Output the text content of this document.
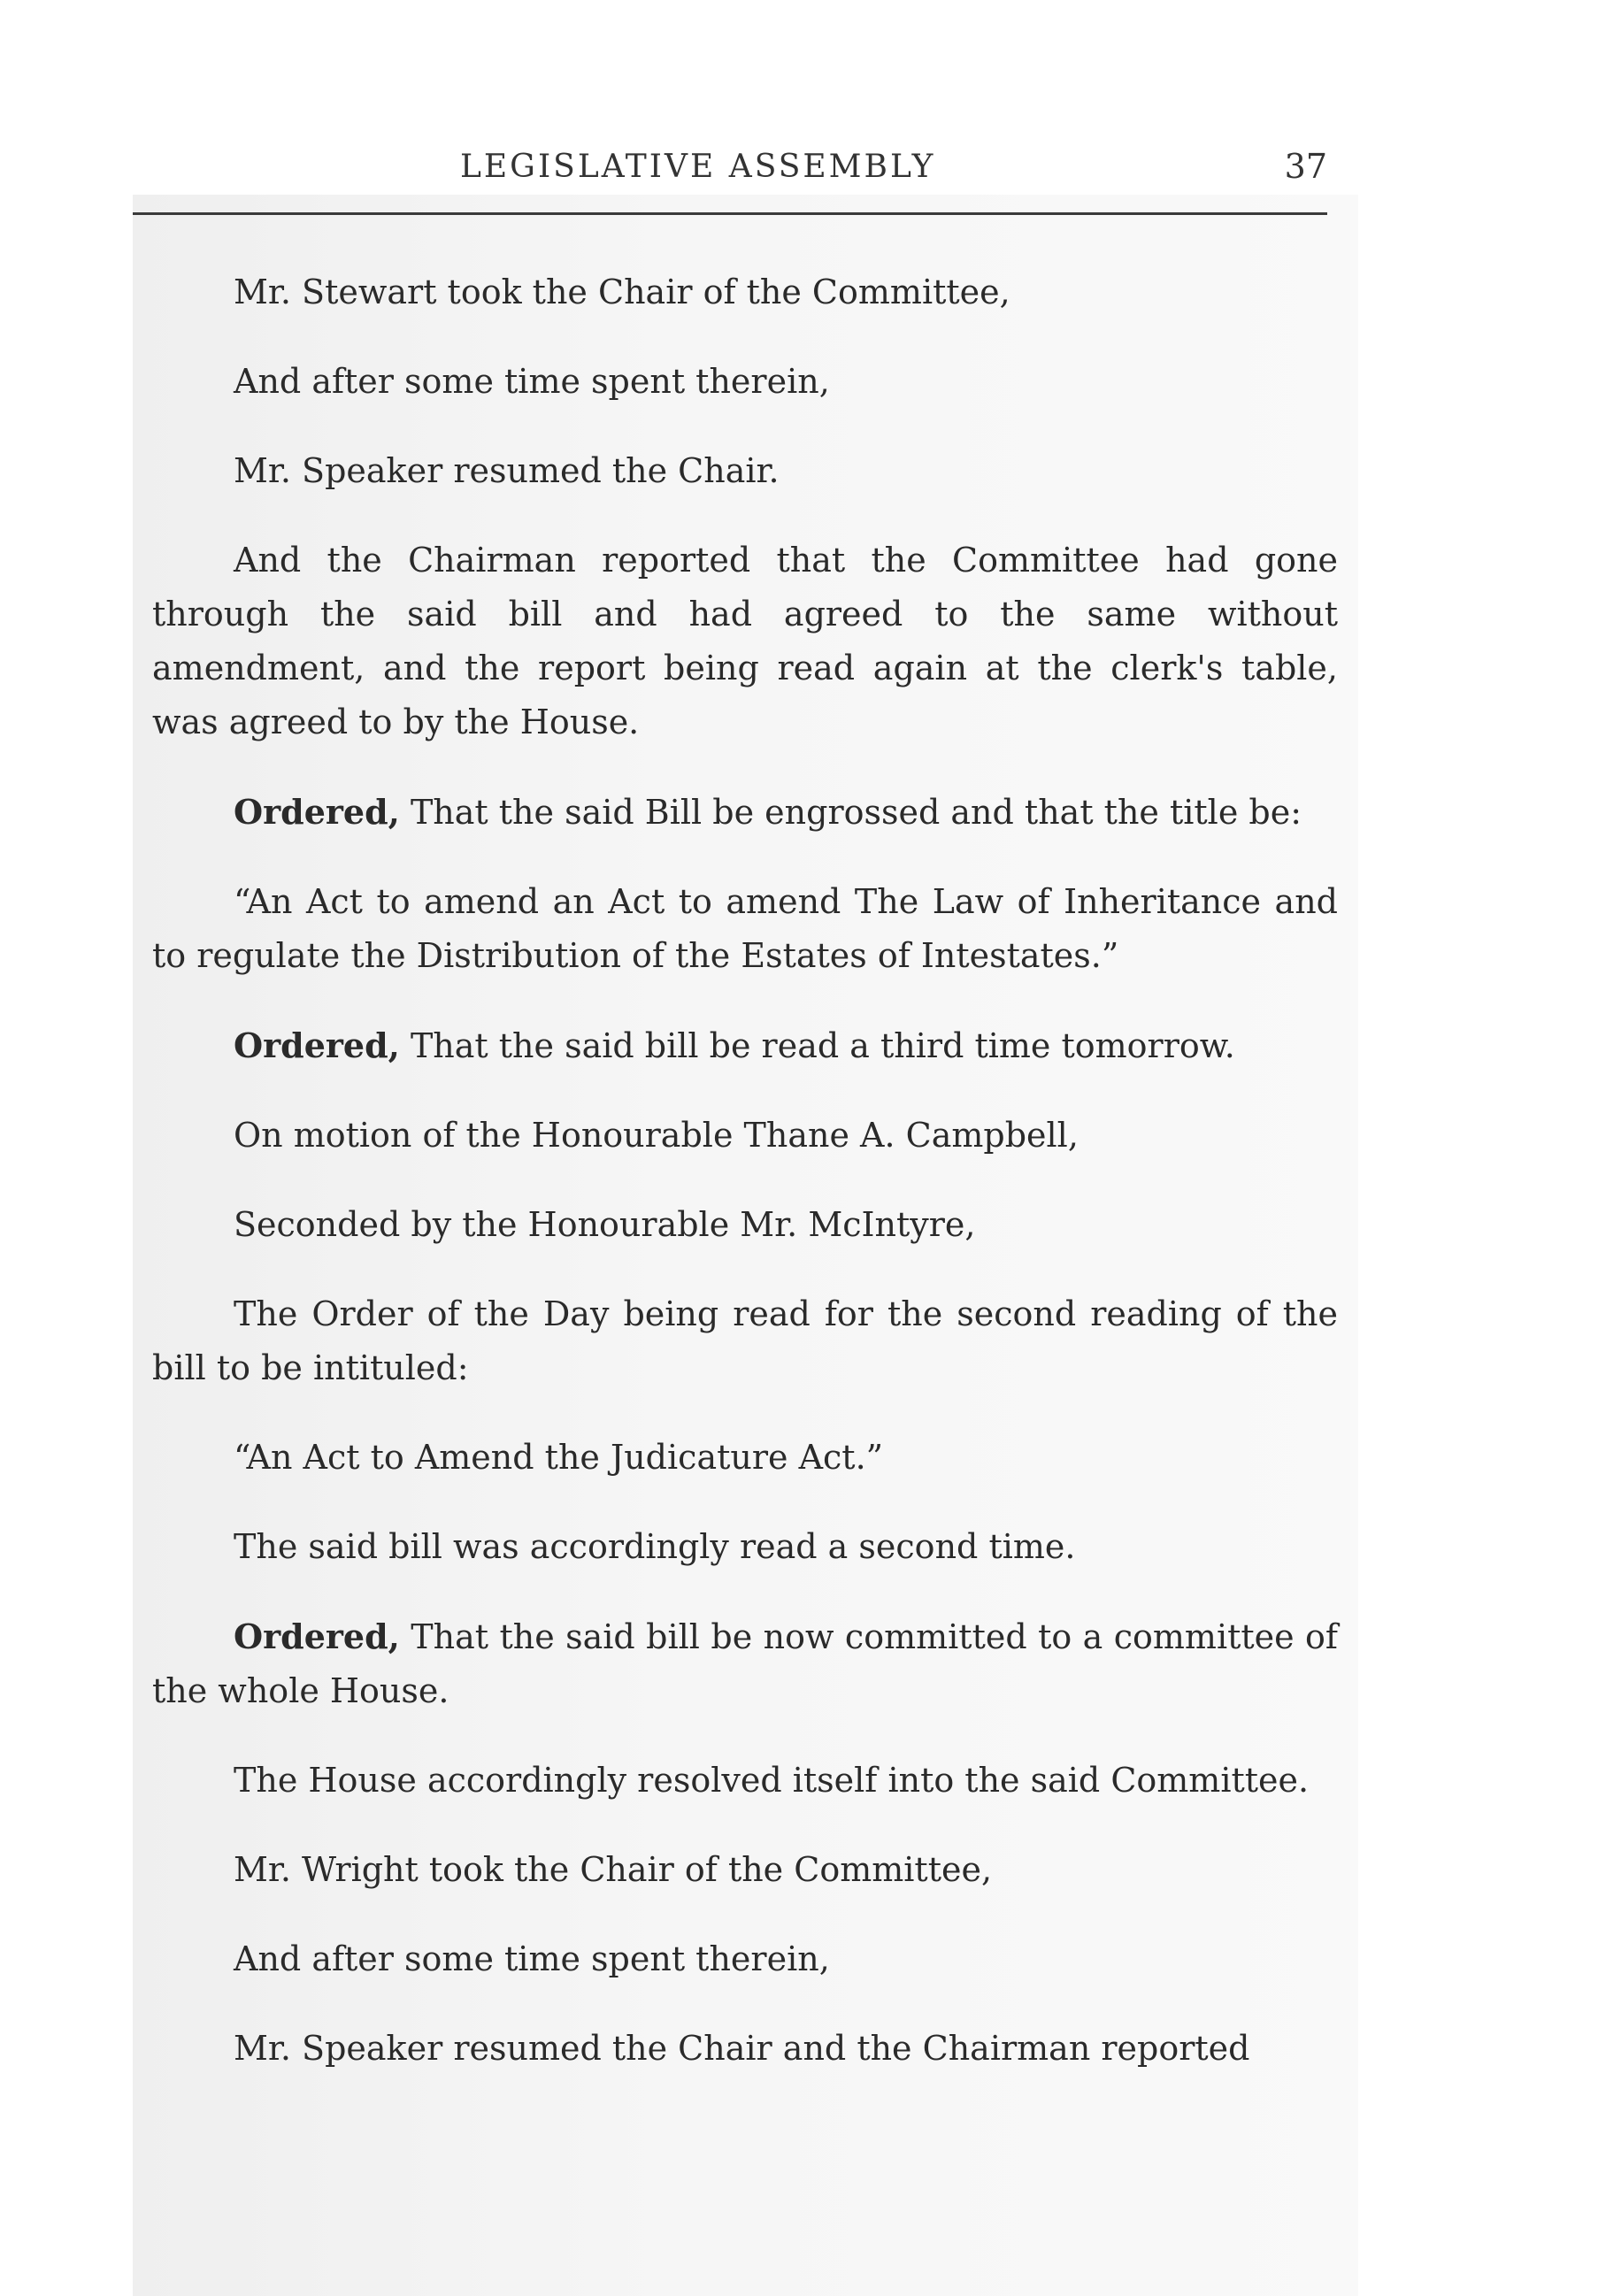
LEGISLATIVE ASSEMBLY	37

Mr. Stewart took the Chair of the Committee,

And after some time spent therein,

Mr. Speaker resumed the Chair.

And the Chairman reported that the Committee had gone through the said bill and had agreed to the same without amendment, and the report being read again at the clerk's table, was agreed to by the House.

Ordered, That the said Bill be engrossed and that the title be:

“An Act to amend an Act to amend The Law of Inheritance and to regulate the Distribution of the Estates of Intestates.”

Ordered, That the said bill be read a third time tomorrow.

On motion of the Honourable Thane A. Campbell,

Seconded by the Honourable Mr. McIntyre,

The Order of the Day being read for the second reading of the bill to be intituled:

“An Act to Amend the Judicature Act.”

The said bill was accordingly read a second time.

Ordered, That the said bill be now committed to a committee of the whole House.

The House accordingly resolved itself into the said Committee.

Mr. Wright took the Chair of the Committee,

And after some time spent therein,

Mr. Speaker resumed the Chair and the Chairman reported
